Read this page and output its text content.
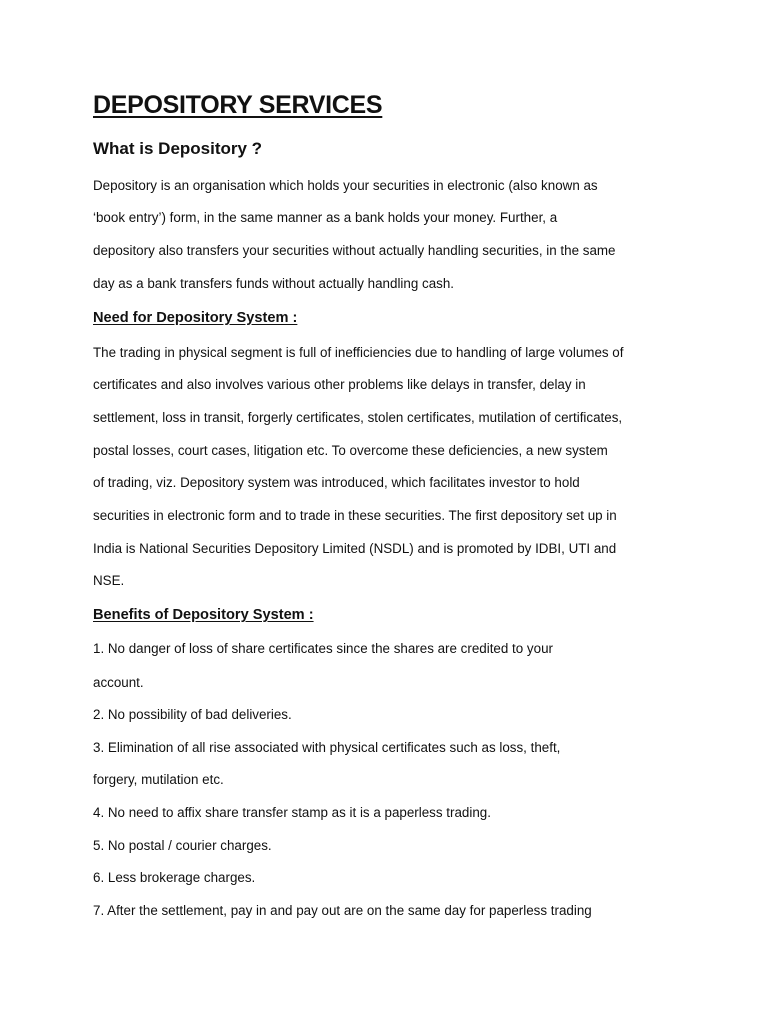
DEPOSITORY SERVICES
What is Depository ?
Depository is an organisation which holds your securities in electronic (also known as
‘book entry’) form, in the same manner as a bank holds your money. Further, a
depository also transfers your securities without actually handling securities, in the same
day as a bank transfers funds without actually handling cash.
Need for Depository System :
The trading in physical segment is full of inefficiencies due to handling of large volumes of
certificates and also involves various other problems like delays in transfer, delay in
settlement, loss in transit, forgerly certificates, stolen certificates, mutilation of certificates,
postal losses, court cases, litigation etc. To overcome these deficiencies, a new system
of trading, viz. Depository system was introduced, which facilitates investor to hold
securities in electronic form and to trade in these securities. The first depository set up in
India is National Securities Depository Limited (NSDL) and is promoted by IDBI, UTI and
NSE.
Benefits of Depository System :
1. No danger of loss of share certificates since the shares are credited to your
account.
2. No possibility of bad deliveries.
3. Elimination of all rise associated with physical certificates such as loss, theft,
forgery, mutilation etc.
4. No need to affix share transfer stamp as it is a paperless trading.
5. No postal / courier charges.
6. Less brokerage charges.
7. After the settlement, pay in and pay out are on the same day for paperless trading
